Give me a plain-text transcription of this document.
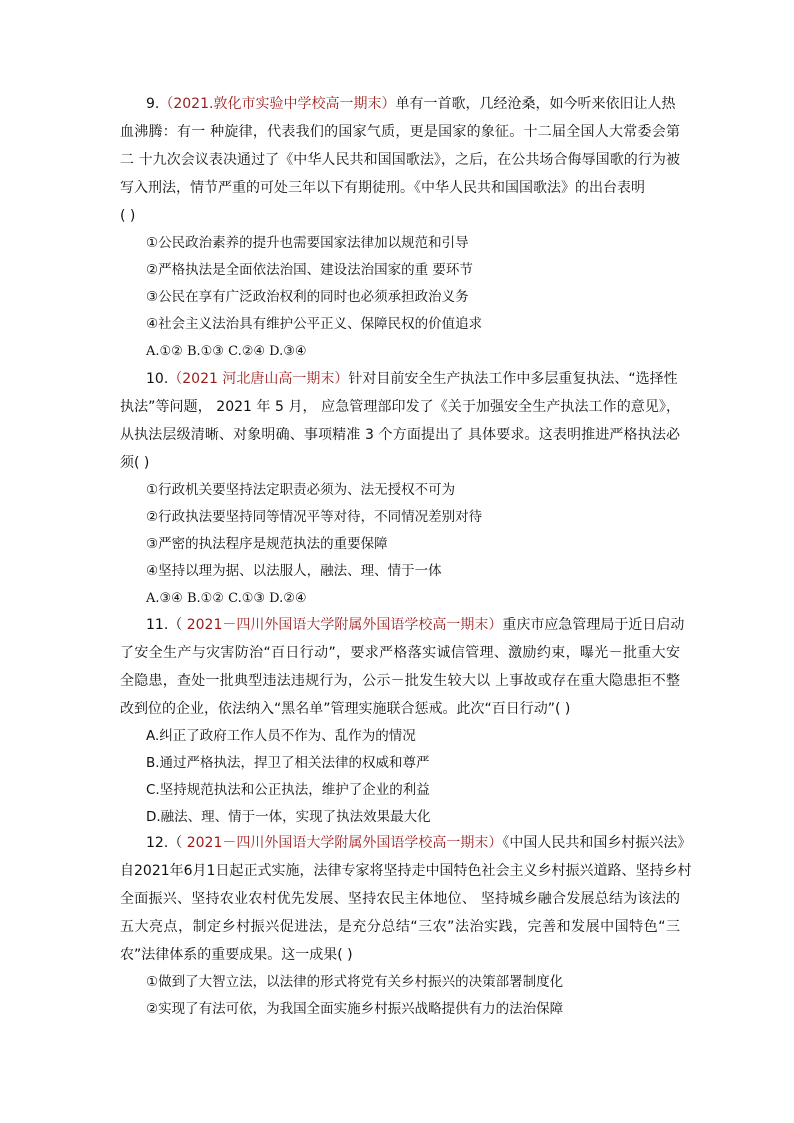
9.（2021.敦化市实验中学校高一期末）单有一首歌，几经沧桑，如今听来依旧让人热
血沸腾：有一 种旋律，代表我们的国家气质，更是国家的象征。十二届全国人大常委会第
二 十九次会议表决通过了《中华人民共和国国歌法》，之后，在公共场合侮辱国歌的行为被
写入刑法，情节严重的可处三年以下有期徒刑。《中华人民共和国国歌法》的出台表明
( )
①公民政治素养的提升也需要国家法律加以规范和引导
②严格执法是全面依法治国、建设法治国家的重 要环节
③公民在享有广泛政治权利的同时也必须承担政治义务
④社会主义法治具有维护公平正义、保障民权的价值追求
A.①② B.①③ C.②④ D.③④
10.（2021 河北唐山高一期末）针对目前安全生产执法工作中多层重复执法、“选择性
执法”等问题， 2021 年 5 月， 应急管理部印发了《关于加强安全生产执法工作的意见》，
从执法层级清晰、对象明确、事项精准 3 个方面提出了 具体要求。这表明推进严格执法必
须( )
①行政机关要坚持法定职责必须为、法无授权不可为
②行政执法要坚持同等情况平等对待，不同情况差别对待
③严密的执法程序是规范执法的重要保障
④坚持以理为据、以法服人，融法、理、情于一体
A.③④ B.①② C.①③ D.②④
11.（ 2021－四川外国语大学附属外国语学校高一期末）重庆市应急管理局于近日启动
了安全生产与灾害防治“百日行动”，要求严格落实诚信管理、激励约束，曝光－批重大安
全隐患，查处一批典型违法违规行为，公示－批发生较大以 上事故或存在重大隐患拒不整
改到位的企业，依法纳入“黑名单”管理实施联合惩戒。此次“百日行动”( )
A.纠正了政府工作人员不作为、乱作为的情况
B.通过严格执法，捍卫了相关法律的权威和尊严
C.坚持规范执法和公正执法，维护了企业的利益
D.融法、理、情于一体，实现了执法效果最大化
12.（ 2021－四川外国语大学附属外国语学校高一期末）《中国人民共和国乡村振兴法》
自2021年6月1日起正式实施，法律专家将坚持走中国特色社会主义乡村振兴道路、坚持乡村
全面振兴、坚持农业农村优先发展、坚持农民主体地位、 坚持城乡融合发展总结为该法的
五大亮点，制定乡村振兴促进法，是充分总结“三农”法治实践，完善和发展中国特色“三
农”法律体系的重要成果。这一成果( )
①做到了大智立法，以法律的形式将党有关乡村振兴的决策部署制度化
②实现了有法可依，为我国全面实施乡村振兴战略提供有力的法治保障
